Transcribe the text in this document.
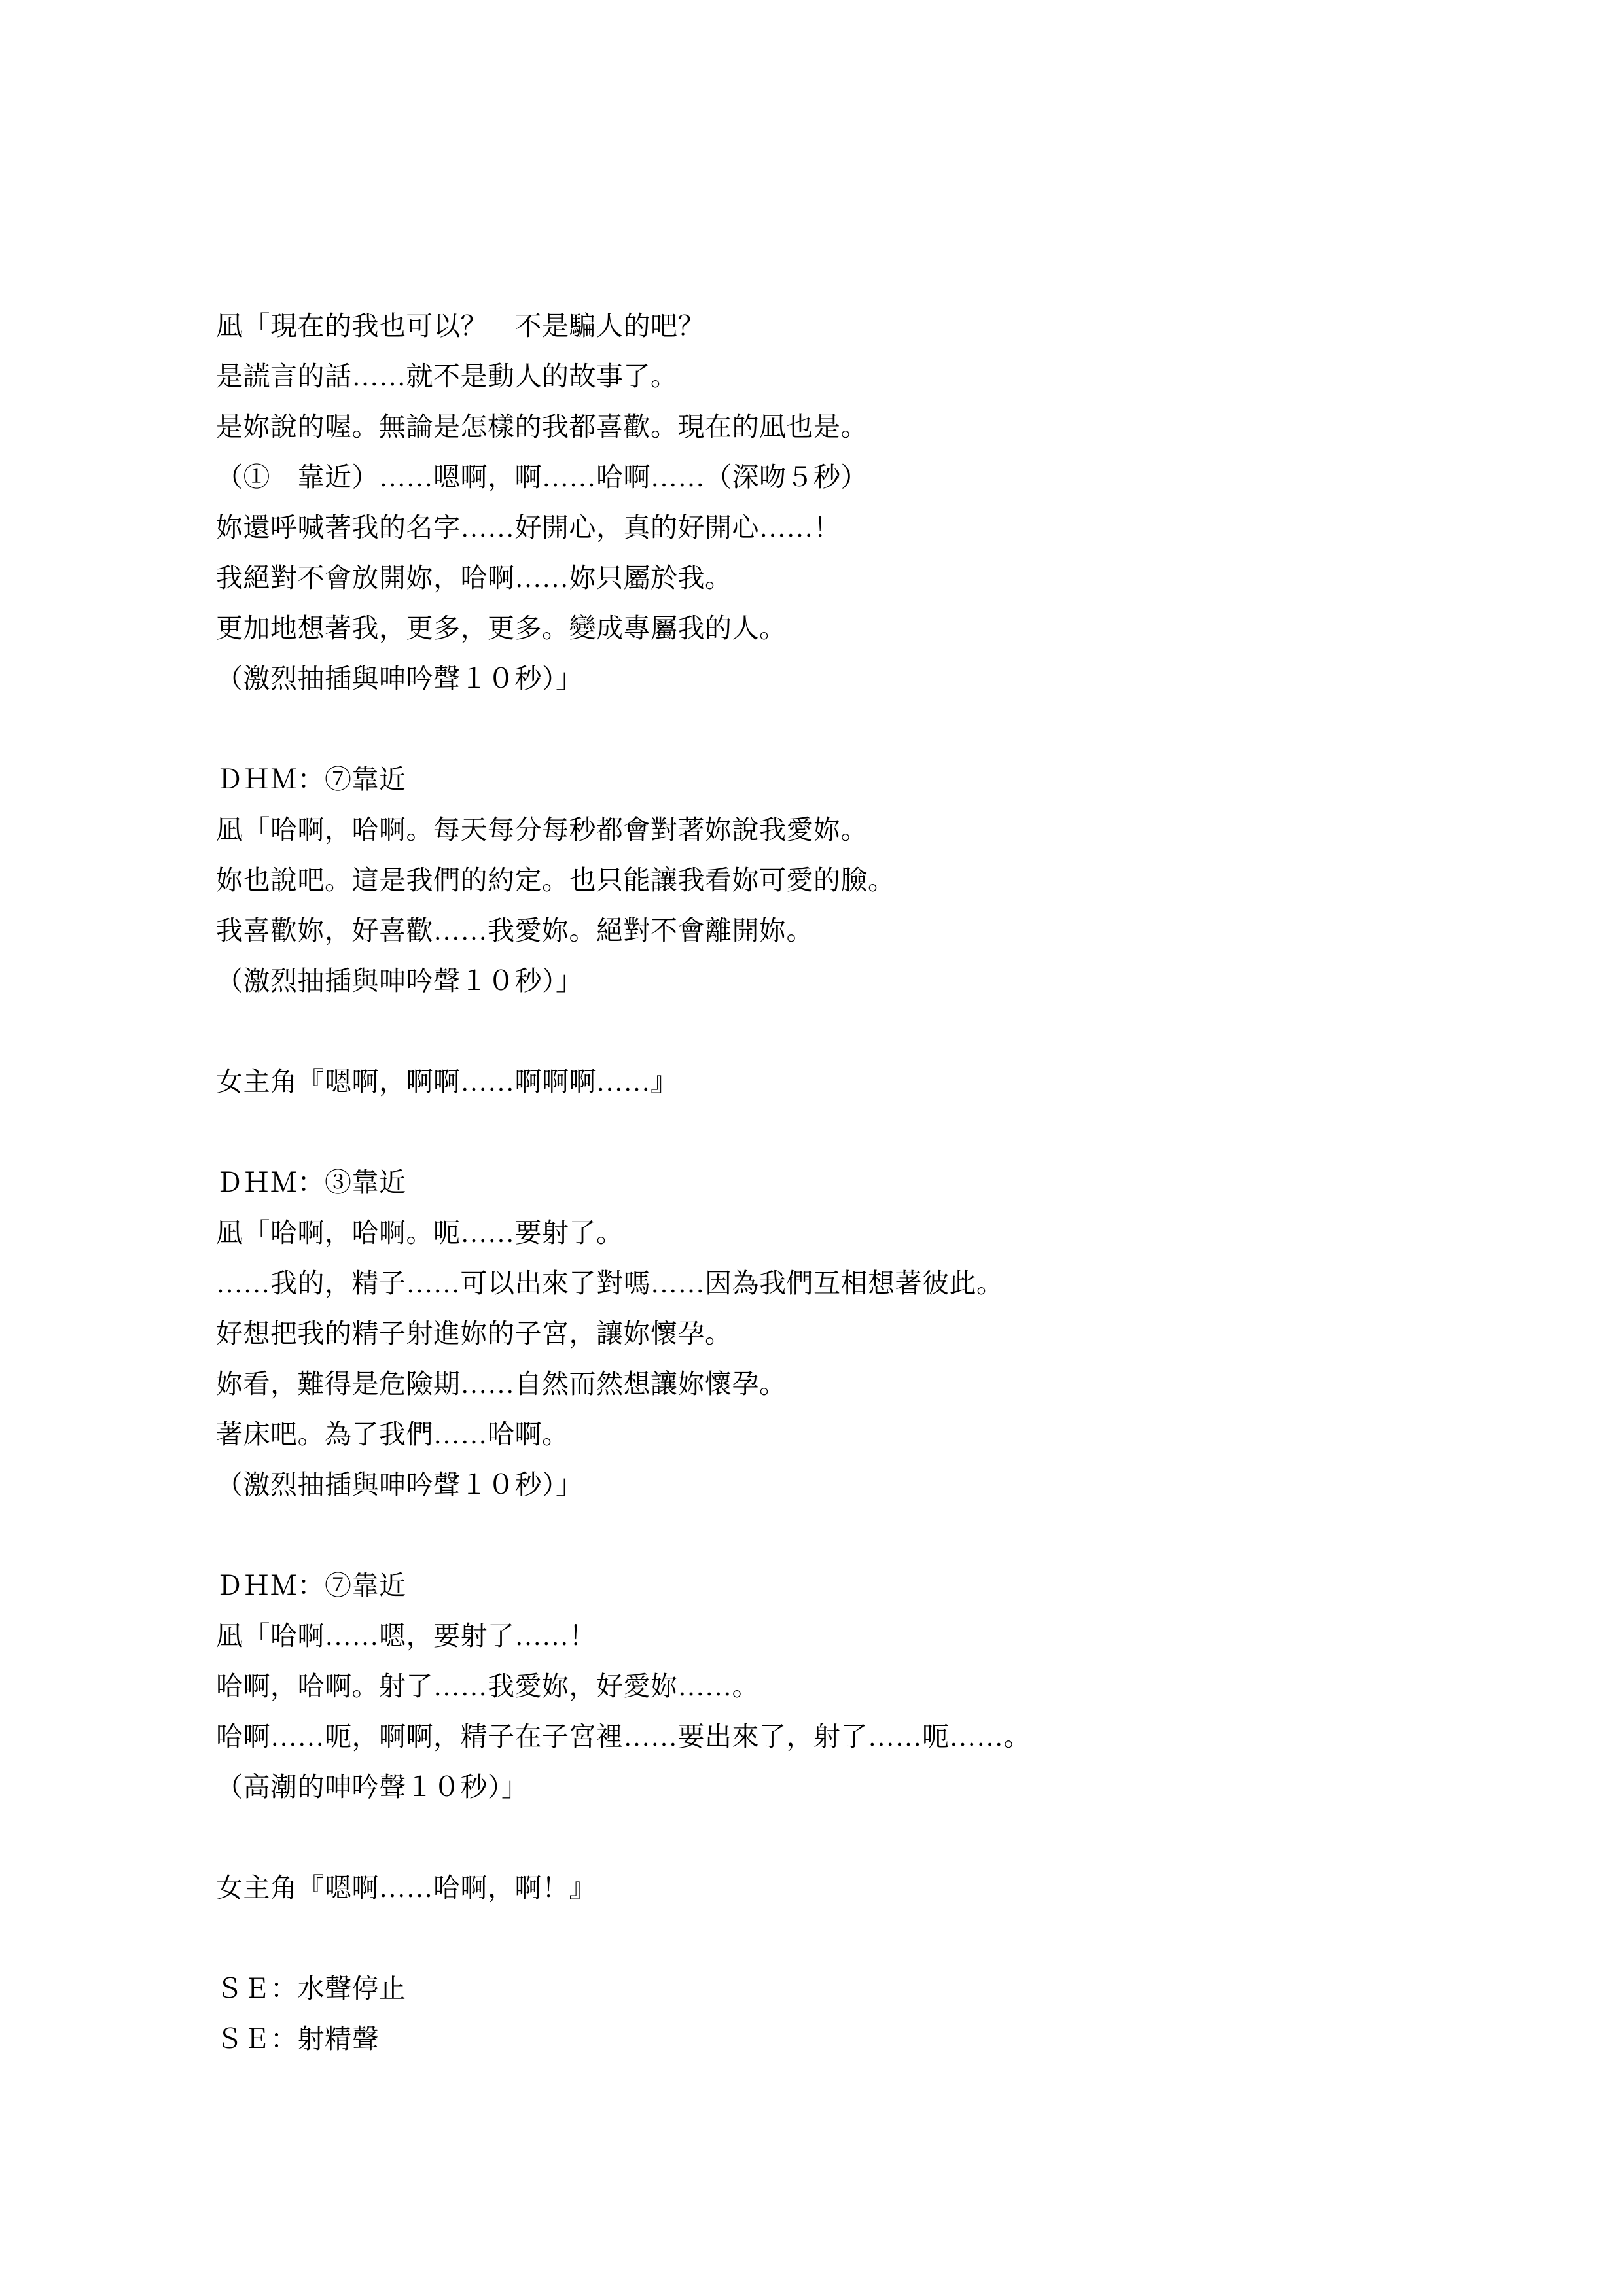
凪「現在的我也可以？　不是騙人的吧？
是謊言的話……就不是動人的故事了。
是妳說的喔。無論是怎樣的我都喜歡。現在的凪也是。
（①　靠近）……嗯啊，啊……哈啊……（深吻５秒）
妳還呼喊著我的名字……好開心，真的好開心……！
我絕對不會放開妳，哈啊……妳只屬於我。
更加地想著我，更多，更多。變成專屬我的人。
（激烈抽插與呻吟聲１０秒）」
ＤＨＭ：⑦靠近
凪「哈啊，哈啊。每天每分每秒都會對著妳說我愛妳。
妳也說吧。這是我們的約定。也只能讓我看妳可愛的臉。
我喜歡妳，好喜歡……我愛妳。絕對不會離開妳。
（激烈抽插與呻吟聲１０秒）」
女主角『嗯啊，啊啊……啊啊啊……』
ＤＨＭ：③靠近
凪「哈啊，哈啊。呃……要射了。
……我的，精子……可以出來了對嗎……因為我們互相想著彼此。
好想把我的精子射進妳的子宮，讓妳懷孕。
妳看，難得是危險期……自然而然想讓妳懷孕。
著床吧。為了我們……哈啊。
（激烈抽插與呻吟聲１０秒）」
ＤＨＭ：⑦靠近
凪「哈啊……嗯，要射了……！
哈啊，哈啊。射了……我愛妳，好愛妳……。
哈啊……呃，啊啊，精子在子宮裡……要出來了，射了……呃……。
（高潮的呻吟聲１０秒）」
女主角『嗯啊……哈啊，啊！』
ＳＥ：水聲停止
ＳＥ：射精聲
